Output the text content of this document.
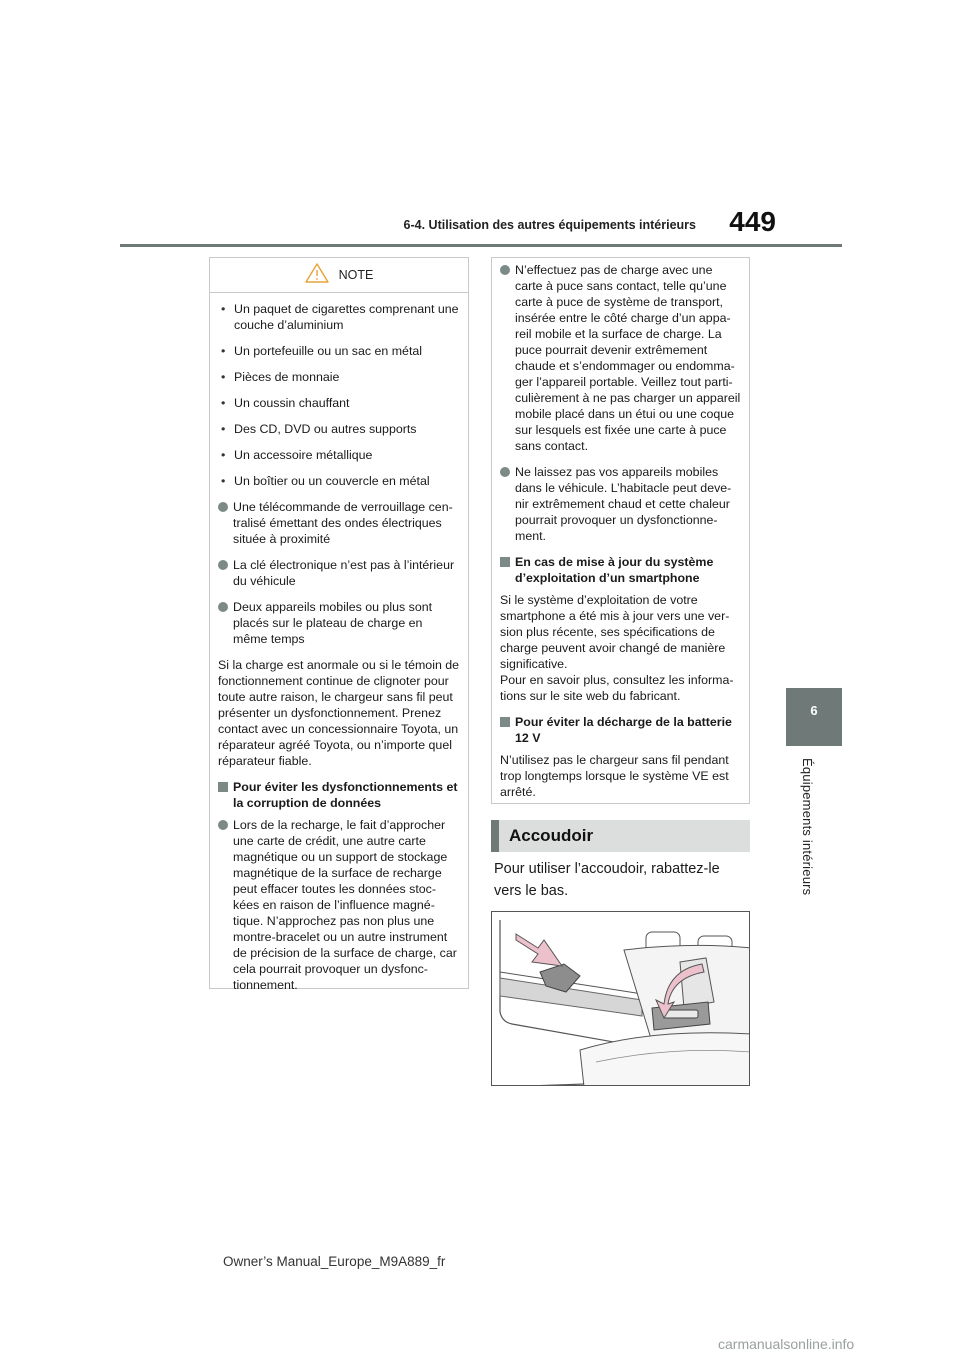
6-4. Utilisation des autres équipements intérieurs	449
6
Équipements intérieurs
NOTE
• Un paquet de cigarettes comprenant une couche d’aluminium
• Un portefeuille ou un sac en métal
• Pièces de monnaie
• Un coussin chauffant
• Des CD, DVD ou autres supports
• Un accessoire métallique
• Un boîtier ou un couvercle en métal
Une télécommande de verrouillage cen-tralisé émettant des ondes électriques située à proximité
La clé électronique n’est pas à l’intérieur du véhicule
Deux appareils mobiles ou plus sont placés sur le plateau de charge en même temps

Si la charge est anormale ou si le témoin de fonctionnement continue de clignoter pour toute autre raison, le chargeur sans fil peut présenter un dysfonctionnement. Prenez contact avec un concessionnaire Toyota, un réparateur agréé Toyota, ou n’importe quel réparateur fiable.

Pour éviter les dysfonctionnements et la corruption de données
Lors de la recharge, le fait d’approcher une carte de crédit, une autre carte magnétique ou un support de stockage magnétique de la surface de recharge peut effacer toutes les données stoc-kées en raison de l’influence magné-tique. N’approchez pas non plus une montre-bracelet ou un autre instrument de précision de la surface de charge, car cela pourrait provoquer un dysfonc-tionnement.
N’effectuez pas de charge avec une carte à puce sans contact, telle qu’une carte à puce de système de transport, insérée entre le côté charge d’un appa-reil mobile et la surface de charge. La puce pourrait devenir extrêmement chaude et s’endommager ou endomma-ger l’appareil portable. Veillez tout parti-culièrement à ne pas charger un appareil mobile placé dans un étui ou une coque sur lesquels est fixée une carte à puce sans contact.
Ne laissez pas vos appareils mobiles dans le véhicule. L’habitacle peut deve-nir extrêmement chaud et cette chaleur pourrait provoquer un dysfonctionne-ment.
En cas de mise à jour du système d’exploitation d’un smartphone

Si le système d’exploitation de votre smartphone a été mis à jour vers une ver-sion plus récente, ses spécifications de charge peuvent avoir changé de manière significative.

Pour en savoir plus, consultez les informa-tions sur le site web du fabricant.

Pour éviter la décharge de la batterie 12 V

N’utilisez pas le chargeur sans fil pendant trop longtemps lorsque le système VE est arrêté.

Accoudoir
Pour utiliser l’accoudoir, rabattez-le vers le bas.
Owner’s Manual_Europe_M9A889_fr
carmanualsonline.info
